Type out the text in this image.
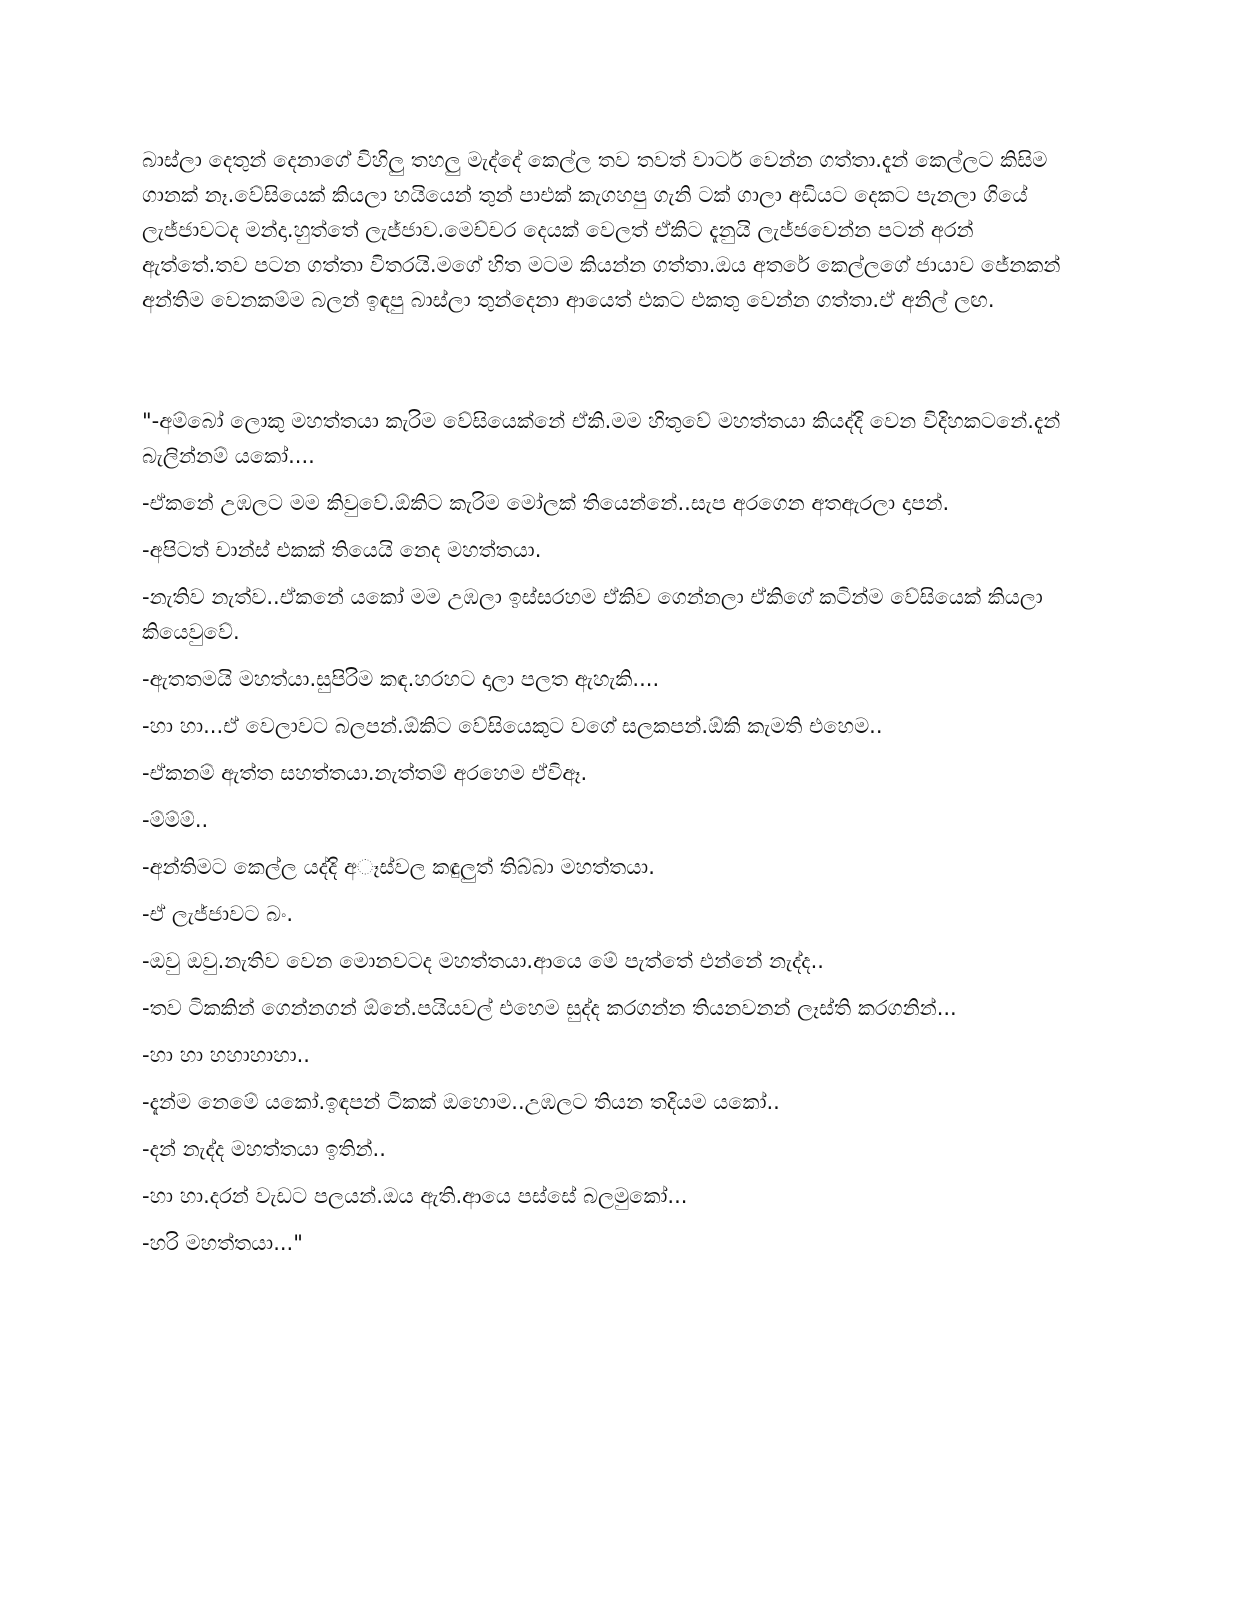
බාස්ලා දෙතුන් දෙනාගේ විහිලු තහලු මැද්දේ කෙල්ල තව තවත් වාටර් වෙන්න ගත්තා.දැන් කෙල්ලට කිසිම ගානක් නෑ.වේසියෙක් කියලා හයියෙන් තුන් පාඑක් කැගහපු ගැනි ටක් ගාලා අඩියට දෙකට පැනලා ගියේ ලැජ්ජාවටද මන්දා.හුත්තේ ලැජ්ජාව.මෙච්චර දෙයක් වෙලත් ඒකිට දැනුයි ලැජ්ජවෙන්න පටන් අරන් ඇත්තේ.තව පටන ගත්තා විතරයි.මගේ හිත මටම කියන්න ගත්තා.ඔය අතරේ කෙල්ලගේ ජායාව ජේනකන් අන්තිම වෙනකම්ම බලන් ඉඳපු බාස්ලා තුන්දෙනා ආයෙත් එකට එකතු වෙන්න ගත්තා.ඒ අනිල් ලඟ.

"-අම්බෝ ලොකු මහත්තයා කැරිම වේසියෙක්නේ ඒකි.මම හිතුවේ මහත්තයා කියද්දි වෙන විදිහකටනේ.දැන් බැලින්නම් යකෝ....

-ඒකනේ උඹලට මම කිවුවේ.ඕකිට කැරිම මෝලක් තියෙන්නේ..සැප අරගෙන අතඇරලා දාපන්.

-අපිටත් චාන්ස් එකක් තියෙයි නෙද මහත්තයා.

-නැතිව නැත්ව..ඒකනේ යකෝ මම උඹලා ඉස්සරහම ඒකිව ගෙන්නලා ඒකිගේ කටින්ම වේසියෙක් කියලා කියෙවුවේ.

-ඇතතමයි මහත්යා.සුපිරිම කඳ.හරහට දාලා පලත ඇහැකි....

-හා හා...ඒ වෙලාවට බලපන්.ඕකිට වේසියෙකුට වගේ සලකපන්.ඕකි කැමති එහෙම..

-ඒකනම් ඇත්ත සහත්තයා.නැත්තම් අරහෙම ඒවිඈ.

-ම්ම්ම්..

-අන්තිමට කෙල්ල යද්දි අෑස්වල කඳුලුත් තිබ්බා මහත්තයා.

-ඒ ලැජ්ජාවට බං.

-ඔවු ඔවු.නැතිව වෙන මොනවටද මහත්තයා.ආයෙ මේ පැත්තේ එන්නේ නැද්ද..

-තව ටිකකින් ගෙන්නගන් ඕනේ.පයියවල් එහෙම සුද්ද කරගන්න තියනවනන් ලෑස්ති කරගනින්...

-හා හා හහාහාහා..

-දැන්ම නෙමේ යකෝ.ඉඳපන් ටිකක් ඔහොම..උඹලට තියන තදියම යකෝ..

-දන් නැද්ද මහත්තයා ඉතින්..

-හා හා.දරන් වැඩට පලයන්.ඔය ඇති.ආයෙ පස්සේ බලමුකෝ...

-හරි මහත්තයා..."
